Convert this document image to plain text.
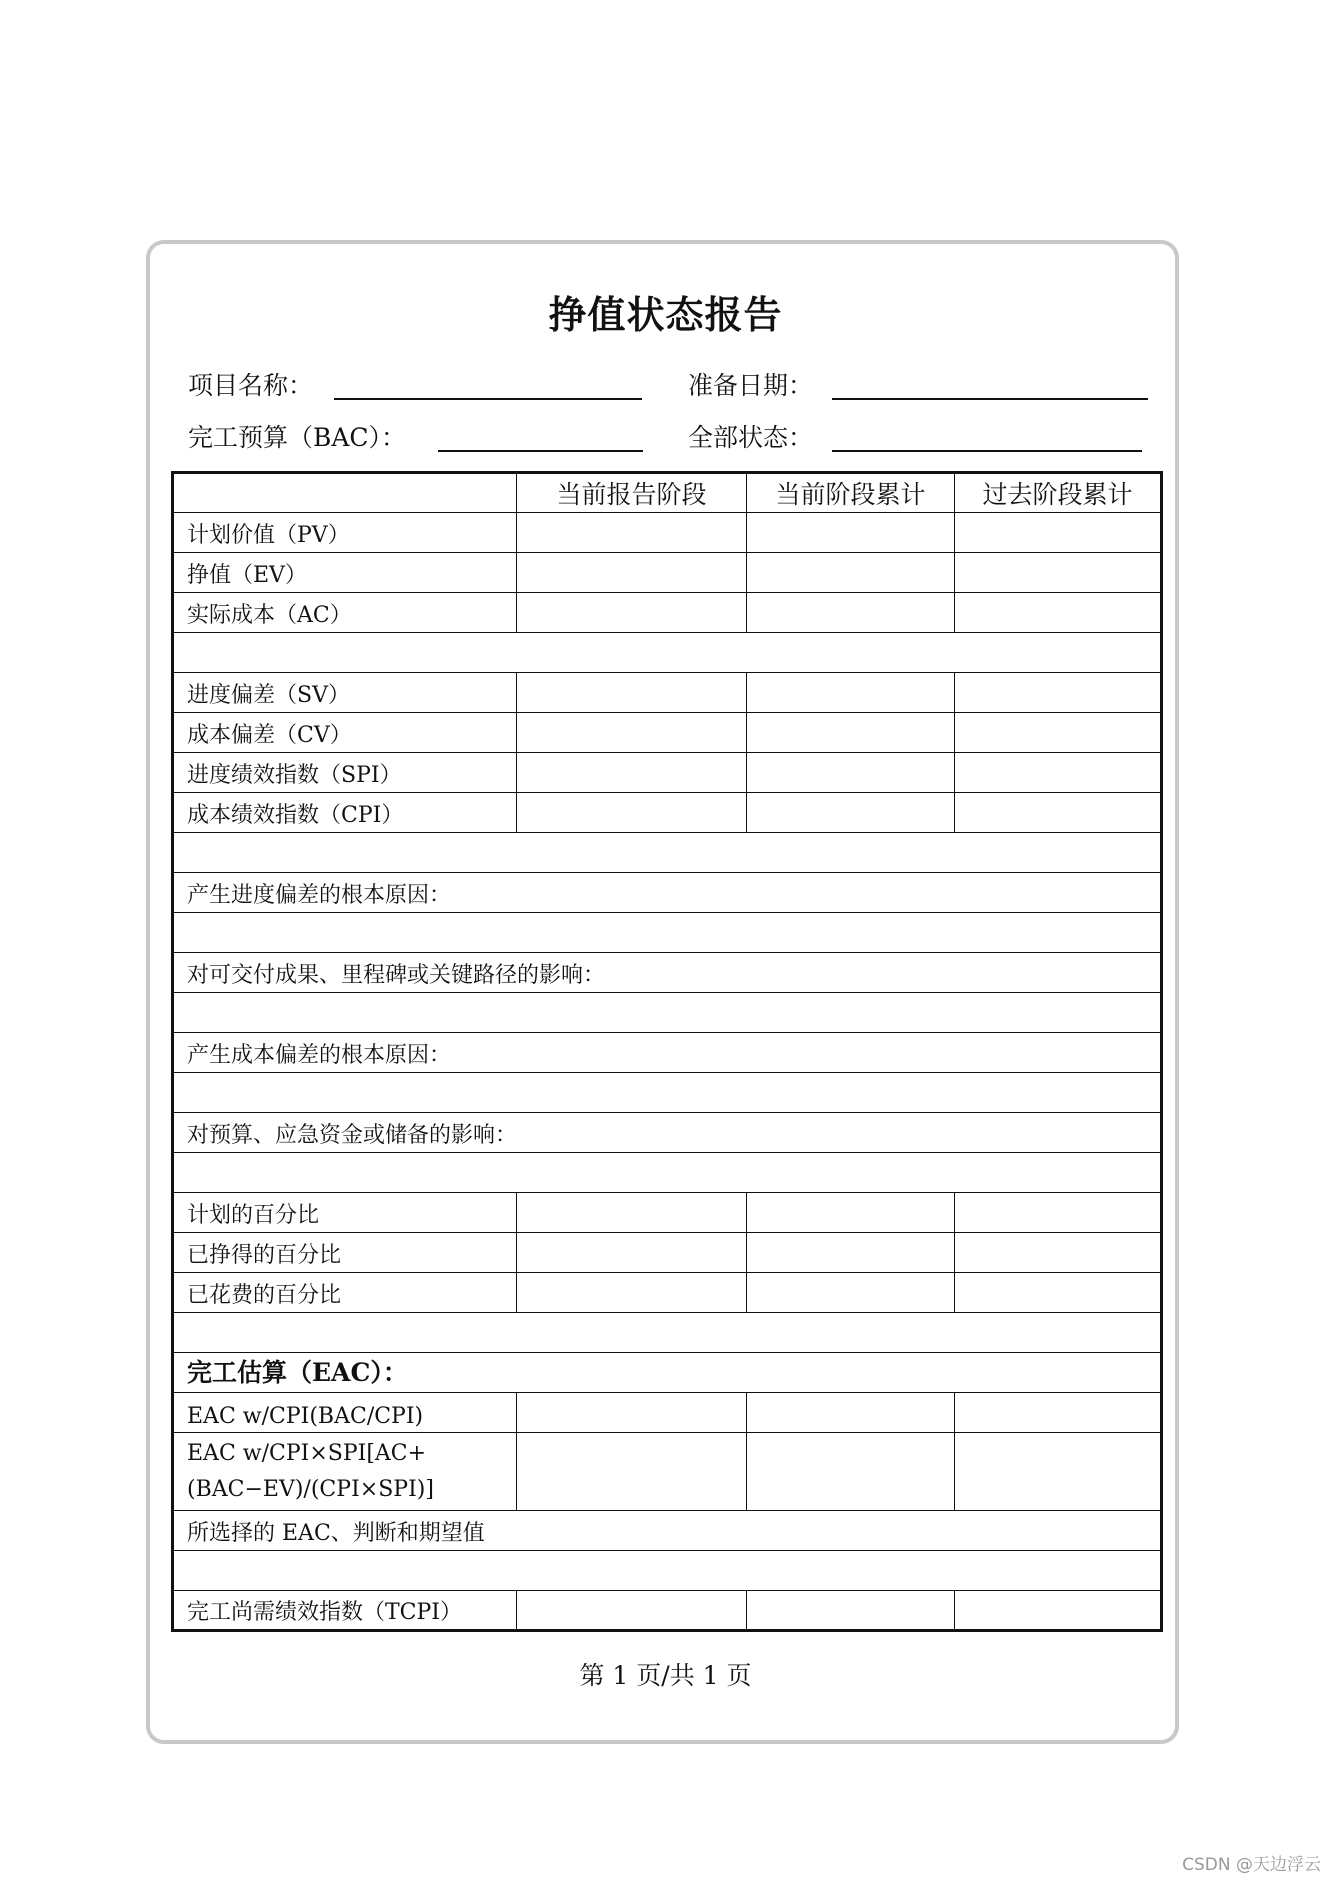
挣值状态报告
项目名称：	准备日期：
完工预算（BAC）：	全部状态：
	当前报告阶段	当前阶段累计	过去阶段累计
计划价值（PV）			
挣值（EV）			
实际成本（AC）			

进度偏差（SV）			
成本偏差（CV）			
进度绩效指数（SPI）			
成本绩效指数（CPI）			

产生进度偏差的根本原因：			

对可交付成果、里程碑或关键路径的影响：			

产生成本偏差的根本原因：			

对预算、应急资金或储备的影响：			

计划的百分比			
已挣得的百分比			
已花费的百分比			

完工估算（EAC）：			
EAC w/CPI(BAC/CPI)			
EAC w/CPI×SPI[AC+(BAC−EV)/(CPI×SPI)]			
所选择的 EAC、判断和期望值			

完工尚需绩效指数（TCPI）			
第 1 页/共 1 页
CSDN @天边浮云
